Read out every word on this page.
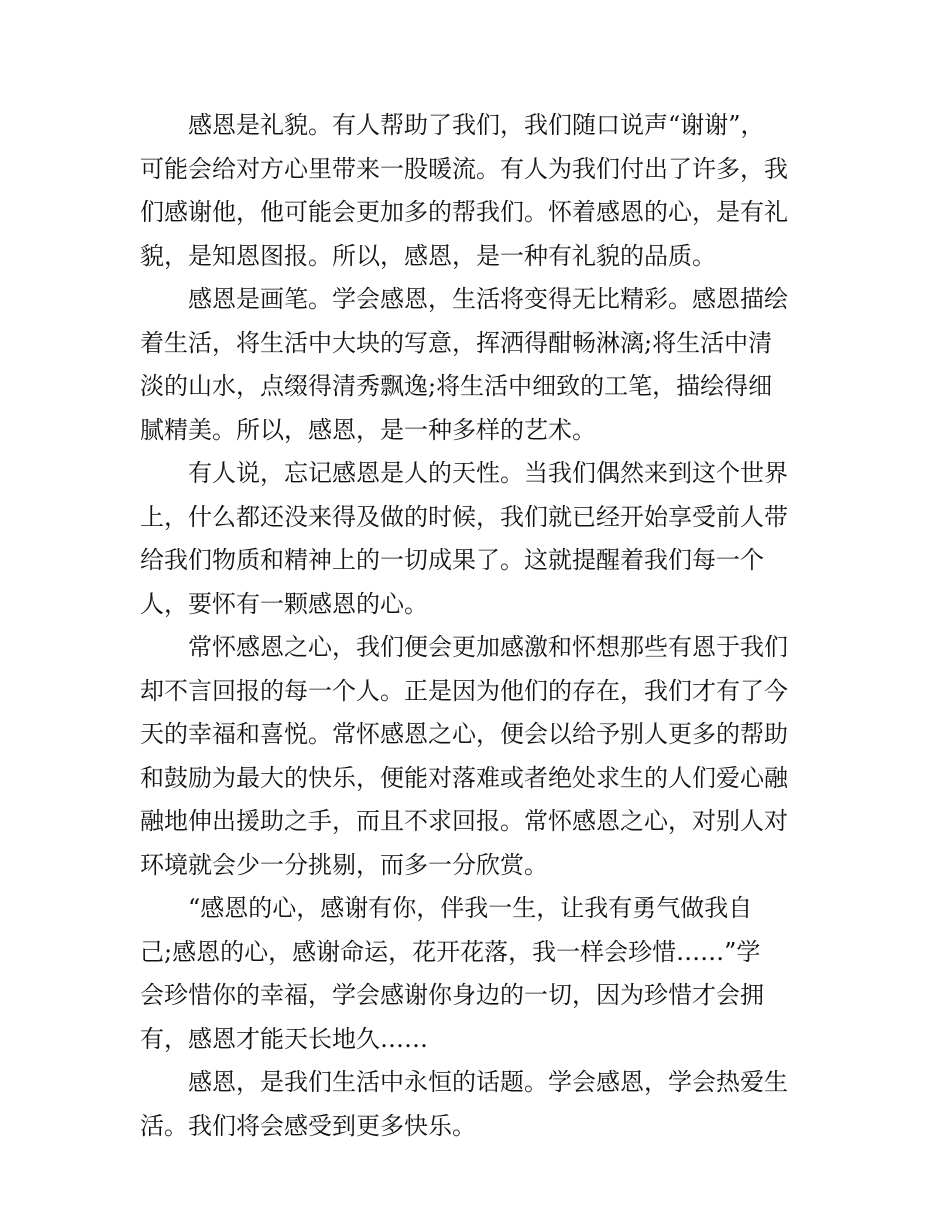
感恩是礼貌。有人帮助了我们，我们随口说声“谢谢”，
可能会给对方心里带来一股暖流。有人为我们付出了许多，我
们感谢他，他可能会更加多的帮我们。怀着感恩的心，是有礼
貌，是知恩图报。所以，感恩，是一种有礼貌的品质。
感恩是画笔。学会感恩，生活将变得无比精彩。感恩描绘
着生活，将生活中大块的写意，挥洒得酣畅淋漓;将生活中清
淡的山水，点缀得清秀飘逸;将生活中细致的工笔，描绘得细
腻精美。所以，感恩，是一种多样的艺术。
有人说，忘记感恩是人的天性。当我们偶然来到这个世界
上，什么都还没来得及做的时候，我们就已经开始享受前人带
给我们物质和精神上的一切成果了。这就提醒着我们每一个
人，要怀有一颗感恩的心。
常怀感恩之心，我们便会更加感激和怀想那些有恩于我们
却不言回报的每一个人。正是因为他们的存在，我们才有了今
天的幸福和喜悦。常怀感恩之心，便会以给予别人更多的帮助
和鼓励为最大的快乐，便能对落难或者绝处求生的人们爱心融
融地伸出援助之手，而且不求回报。常怀感恩之心，对别人对
环境就会少一分挑剔，而多一分欣赏。
“感恩的心，感谢有你，伴我一生，让我有勇气做我自
己;感恩的心，感谢命运，花开花落，我一样会珍惜……”学
会珍惜你的幸福，学会感谢你身边的一切，因为珍惜才会拥
有，感恩才能天长地久……
感恩，是我们生活中永恒的话题。学会感恩，学会热爱生
活。我们将会感受到更多快乐。
